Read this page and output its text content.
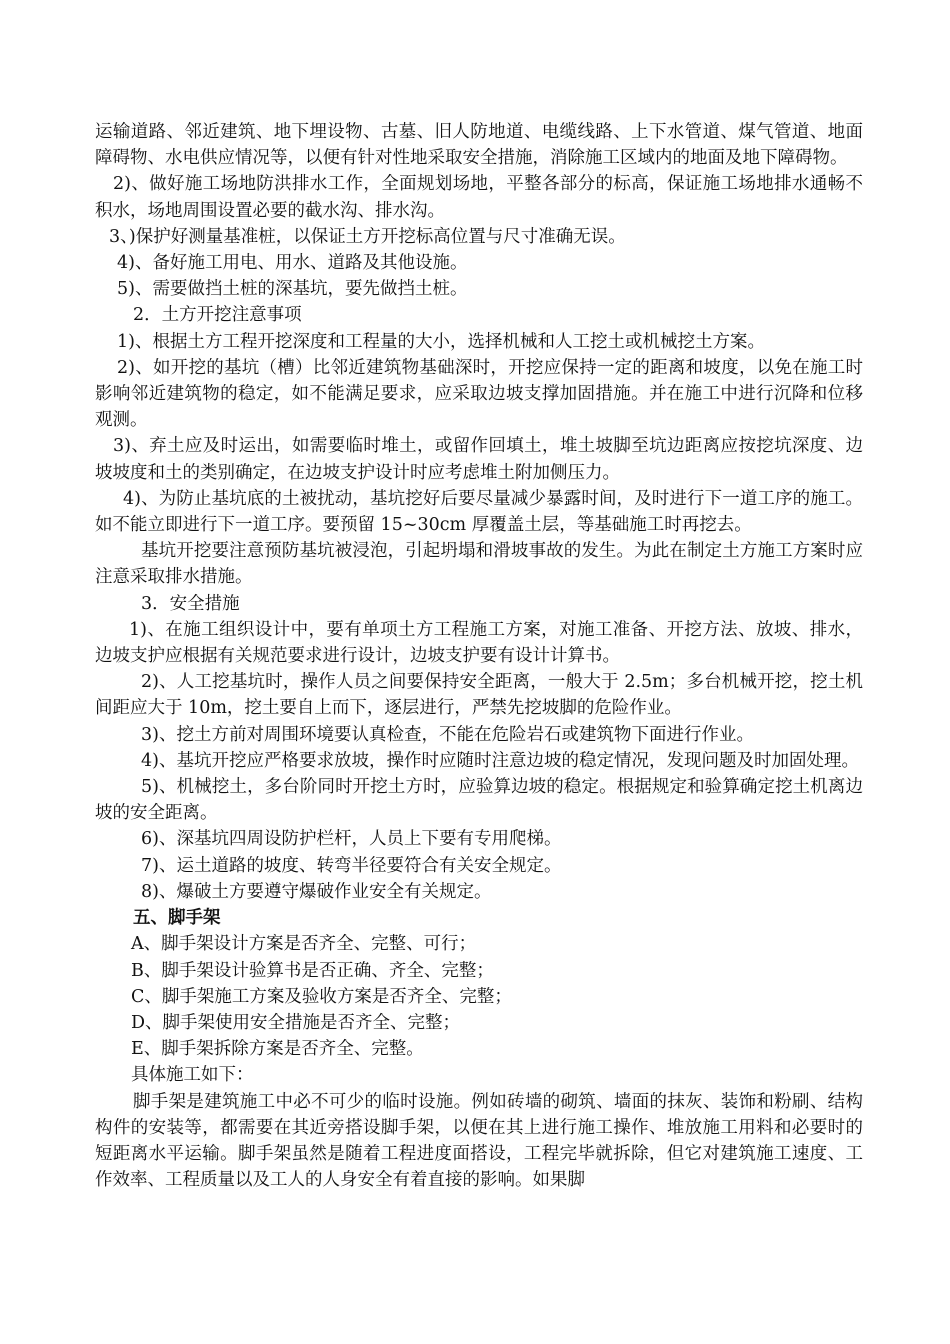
运输道路、邻近建筑、地下埋设物、古墓、旧人防地道、电缆线路、上下水管道、煤气管道、地面障碍物、水电供应情况等，以便有针对性地采取安全措施，消除施工区域内的地面及地下障碍物。

2)、做好施工场地防洪排水工作，全面规划场地，平整各部分的标高，保证施工场地排水通畅不积水，场地周围设置必要的截水沟、排水沟。

3、)保护好测量基准桩，以保证土方开挖标高位置与尺寸准确无误。

4)、备好施工用电、用水、道路及其他设施。

5)、需要做挡土桩的深基坑，要先做挡土桩。

2．土方开挖注意事项

1)、根据土方工程开挖深度和工程量的大小，选择机械和人工挖土或机械挖土方案。

2)、如开挖的基坑（槽）比邻近建筑物基础深时，开挖应保持一定的距离和坡度，以免在施工时影响邻近建筑物的稳定，如不能满足要求，应采取边坡支撑加固措施。并在施工中进行沉降和位移观测。

3)、弃土应及时运出，如需要临时堆土，或留作回填土，堆土坡脚至坑边距离应按挖坑深度、边坡坡度和土的类别确定，在边坡支护设计时应考虑堆土附加侧压力。

4)、为防止基坑底的土被扰动，基坑挖好后要尽量减少暴露时间，及时进行下一道工序的施工。如不能立即进行下一道工序。要预留 15~30cm 厚覆盖土层，等基础施工时再挖去。

基坑开挖要注意预防基坑被浸泡，引起坍塌和滑坡事故的发生。为此在制定土方施工方案时应注意采取排水措施。

3．安全措施

1)、在施工组织设计中，要有单项土方工程施工方案，对施工准备、开挖方法、放坡、排水，边坡支护应根据有关规范要求进行设计，边坡支护要有设计计算书。

2)、人工挖基坑时，操作人员之间要保持安全距离，一般大于 2.5m；多台机械开挖，挖土机间距应大于 10m，挖土要自上而下，逐层进行，严禁先挖坡脚的危险作业。

3)、挖土方前对周围环境要认真检查，不能在危险岩石或建筑物下面进行作业。

4)、基坑开挖应严格要求放坡，操作时应随时注意边坡的稳定情况，发现问题及时加固处理。

5)、机械挖土，多台阶同时开挖土方时，应验算边坡的稳定。根据规定和验算确定挖土机离边坡的安全距离。

6)、深基坑四周设防护栏杆，人员上下要有专用爬梯。

7)、运土道路的坡度、转弯半径要符合有关安全规定。

8)、爆破土方要遵守爆破作业安全有关规定。

五、脚手架

A、脚手架设计方案是否齐全、完整、可行；

B、脚手架设计验算书是否正确、齐全、完整；

C、脚手架施工方案及验收方案是否齐全、完整；

D、脚手架使用安全措施是否齐全、完整；

E、脚手架拆除方案是否齐全、完整。

具体施工如下：

脚手架是建筑施工中必不可少的临时设施。例如砖墙的砌筑、墙面的抹灰、装饰和粉刷、结构构件的安装等，都需要在其近旁搭设脚手架，以便在其上进行施工操作、堆放施工用料和必要时的短距离水平运输。脚手架虽然是随着工程进度面搭设，工程完毕就拆除，但它对建筑施工速度、工作效率、工程质量以及工人的人身安全有着直接的影响。如果脚
